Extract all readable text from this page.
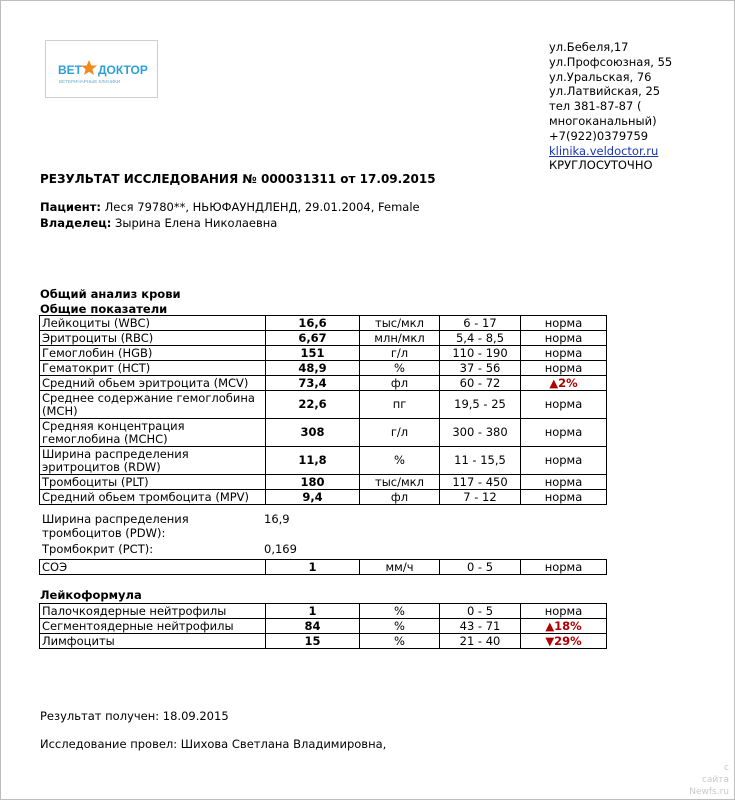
ВЕТ ДОКТОР
ВЕТЕРИНАРНЫЕ КЛИНИКИ
ул.Бебеля,17
ул.Профсоюзная, 55
ул.Уральская, 76
ул.Латвийская, 25
тел 381-87-87 (
многоканальный)
+7(922)0379759
klinika.veldoctor.ru
КРУГЛОСУТОЧНО
РЕЗУЛЬТАТ ИССЛЕДОВАНИЯ № 000031311 от 17.09.2015
Пациент: Леся 79780**, НЬЮФАУНДЛЕНД, 29.01.2004, Female
Владелец: Зырина Елена Николаевна
Общий анализ крови
Общие показатели
Лейкоциты (WBC)	16,6	тыс/мкл	6 - 17	норма
Эритроциты (RBC)	6,67	млн/мкл	5,4 - 8,5	норма
Гемоглобин (HGB)	151	г/л	110 - 190	норма
Гематокрит (HCT)	48,9	%	37 - 56	норма
Средний обьем эритроцита (MCV)	73,4	фл	60 - 72	▲2%
Среднее содержание гемоглобина (MCH)	22,6	пг	19,5 - 25	норма
Средняя концентрация гемоглобина (MCHC)	308	г/л	300 - 380	норма
Ширина распределения эритроцитов (RDW)	11,8	%	11 - 15,5	норма
Тромбоциты (PLT)	180	тыс/мкл	117 - 450	норма
Средний обьем тромбоцита (MPV)	9,4	фл	7 - 12	норма
Ширина распределения тромбоцитов (PDW):
16,9
Тромбокрит (PCT):	0,169
СОЭ	1	мм/ч	0 - 5	норма
Лейкоформула
Палочкоядерные нейтрофилы	1	%	0 - 5	норма
Сегментоядерные нейтрофилы	84	%	43 - 71	▲18%
Лимфоциты	15	%	21 - 40	▼29%
Результат получен: 18.09.2015
Исследование провел: Шихова Светлана Владимировна,
с
сайта
Newfs.ru
